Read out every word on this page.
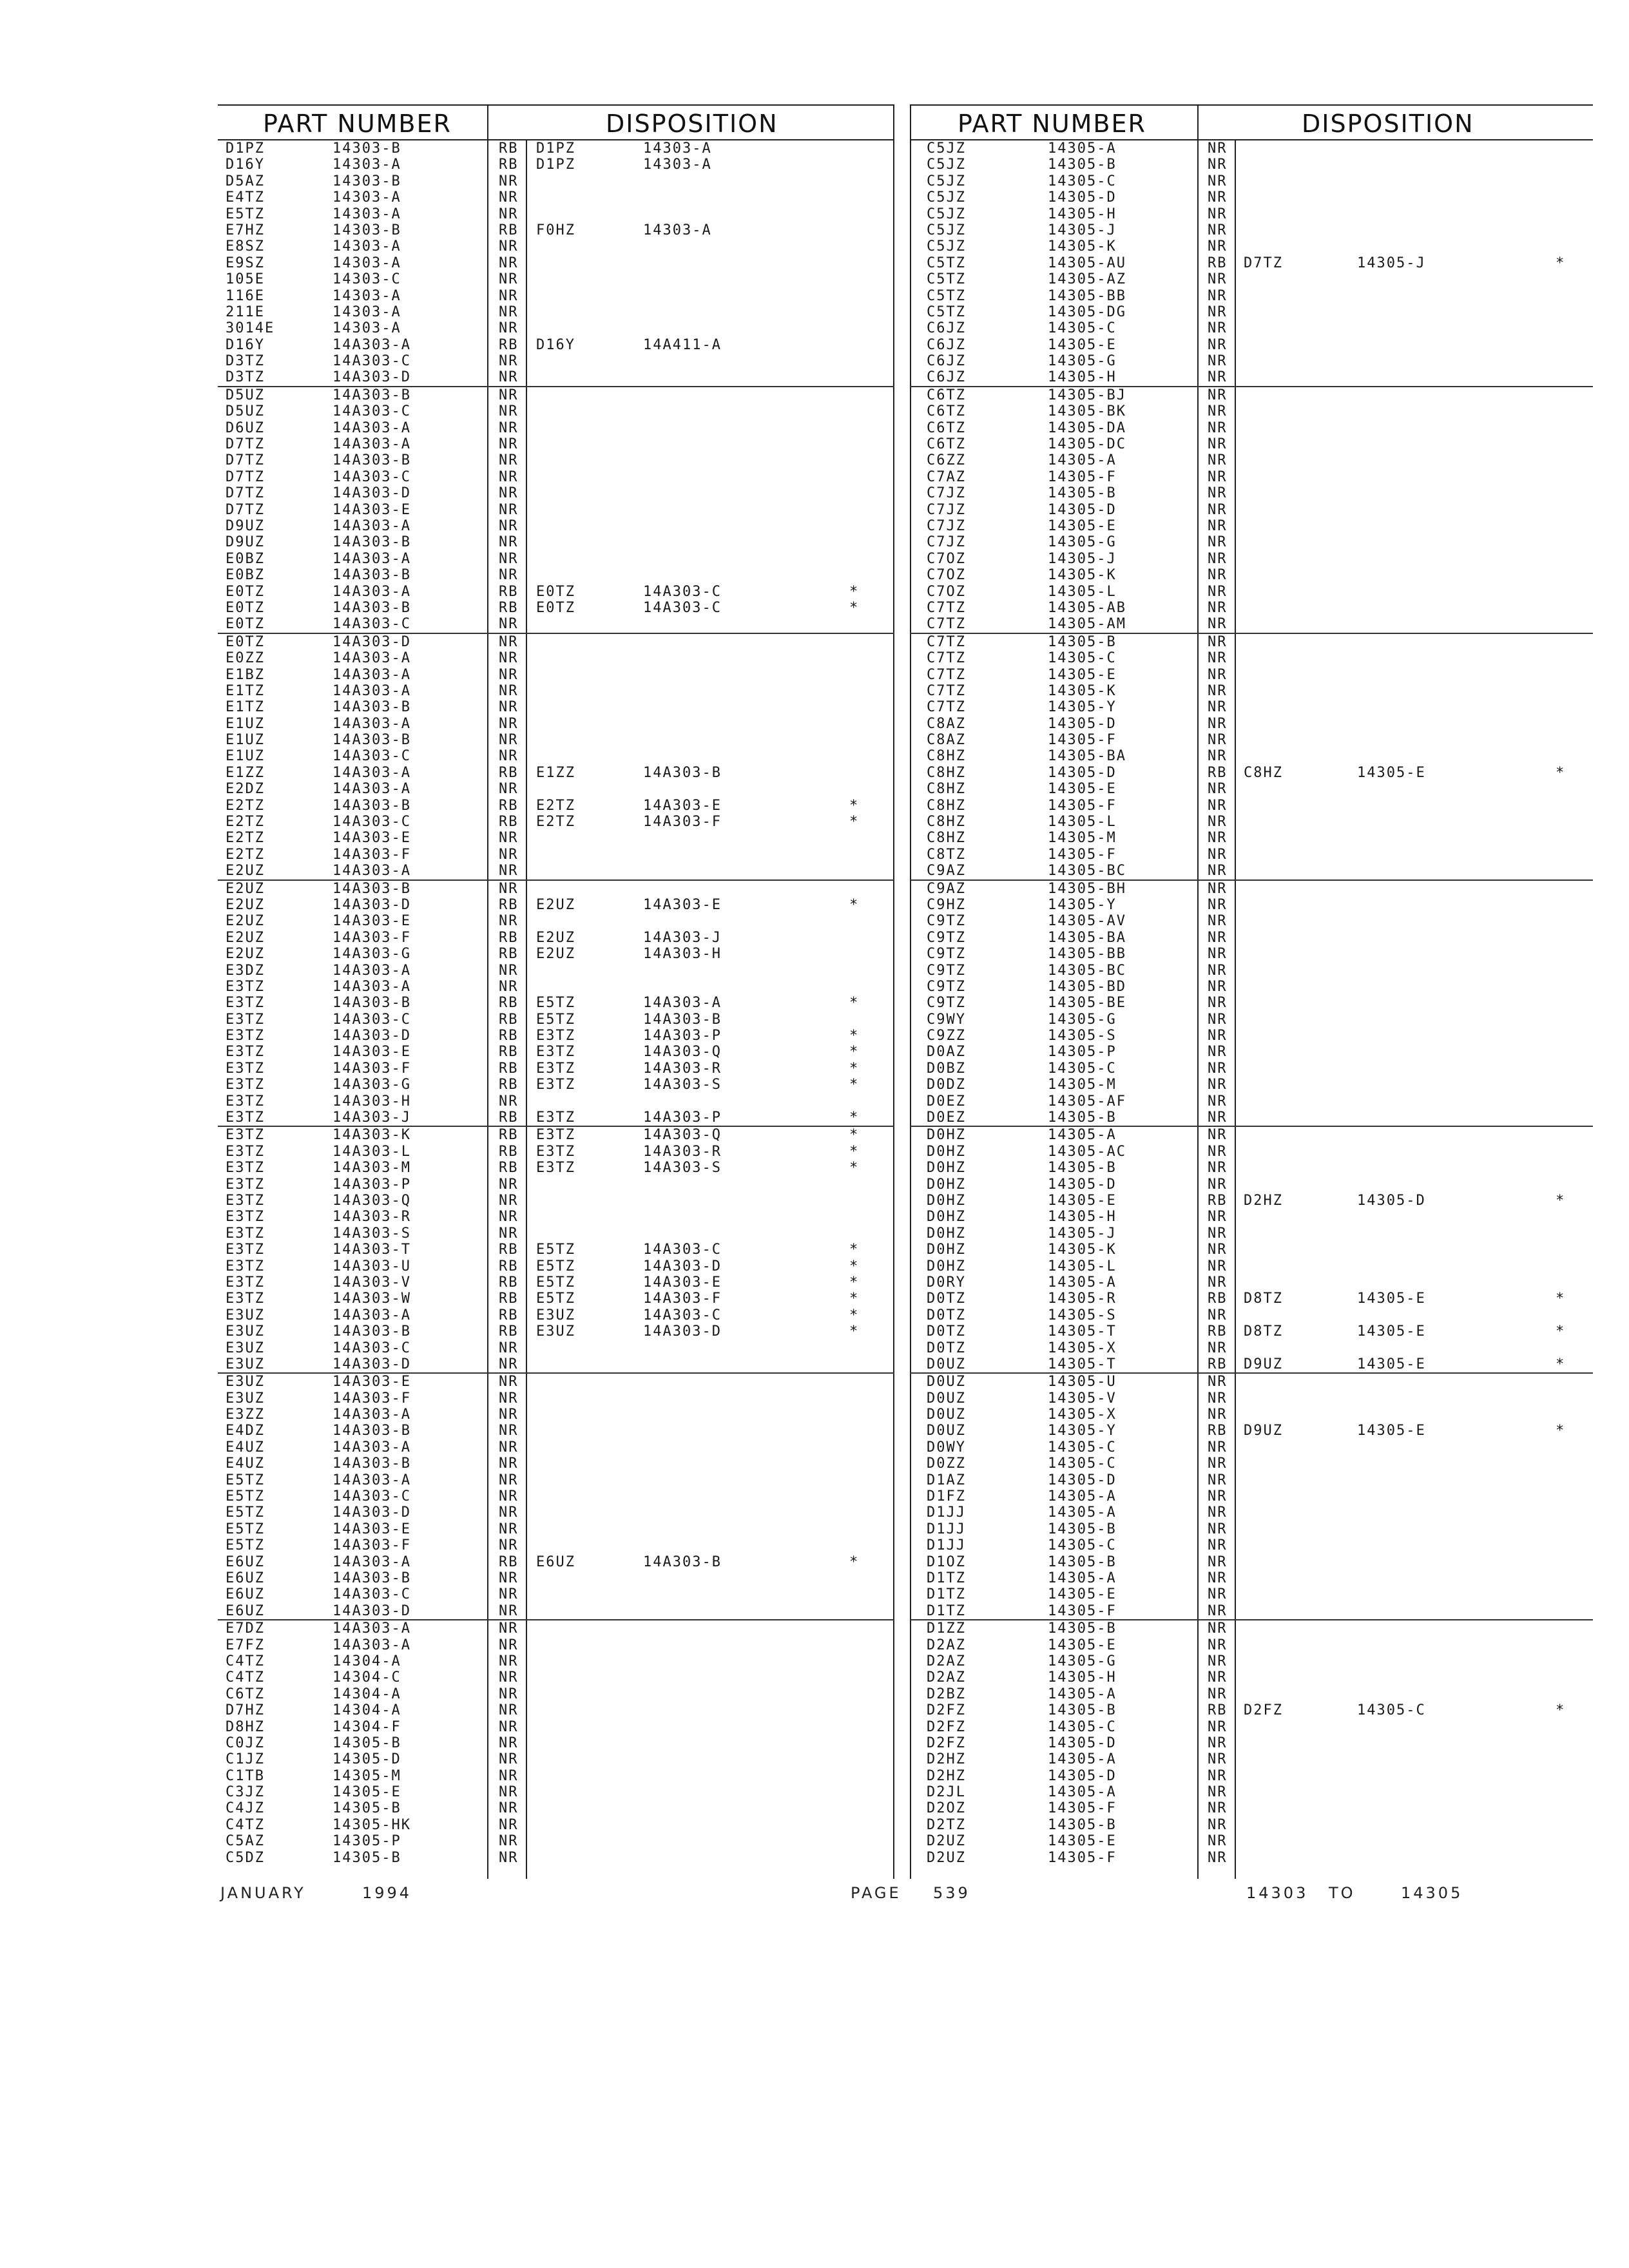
PART NUMBER	DISPOSITION
D1PZ	14303-B	RB D1PZ	14303-A
D16Y	14303-A	RB D1PZ	14303-A
D5AZ	14303-B	NR
E4TZ	14303-A	NR
E5TZ	14303-A	NR
E7HZ	14303-B	RB F0HZ	14303-A
E8SZ	14303-A	NR
E9SZ	14303-A	NR
105E	14303-C	NR
116E	14303-A	NR
211E	14303-A	NR
3014E	14303-A	NR
D16Y	14A303-A	RB D16Y	14A411-A
D3TZ	14A303-C	NR
D3TZ	14A303-D	NR
D5UZ	14A303-B	NR
D5UZ	14A303-C	NR
D6UZ	14A303-A	NR
D7TZ	14A303-A	NR
D7TZ	14A303-B	NR
D7TZ	14A303-C	NR
D7TZ	14A303-D	NR
D7TZ	14A303-E	NR
D9UZ	14A303-A	NR
D9UZ	14A303-B	NR
E0BZ	14A303-A	NR
E0BZ	14A303-B	NR
E0TZ	14A303-A	RB E0TZ	14A303-C	*
E0TZ	14A303-B	RB E0TZ	14A303-C	*
E0TZ	14A303-C	NR
E0TZ	14A303-D	NR
E0ZZ	14A303-A	NR
E1BZ	14A303-A	NR
E1TZ	14A303-A	NR
E1TZ	14A303-B	NR
E1UZ	14A303-A	NR
E1UZ	14A303-B	NR
E1UZ	14A303-C	NR
E1ZZ	14A303-A	RB E1ZZ	14A303-B
E2DZ	14A303-A	NR
E2TZ	14A303-B	RB E2TZ	14A303-E	*
E2TZ	14A303-C	RB E2TZ	14A303-F	*
E2TZ	14A303-E	NR
E2TZ	14A303-F	NR
E2UZ	14A303-A	NR
E2UZ	14A303-B	NR
E2UZ	14A303-D	RB E2UZ	14A303-E	*
E2UZ	14A303-E	NR
E2UZ	14A303-F	RB E2UZ	14A303-J
E2UZ	14A303-G	RB E2UZ	14A303-H
E3DZ	14A303-A	NR
E3TZ	14A303-A	NR
E3TZ	14A303-B	RB E5TZ	14A303-A	*
E3TZ	14A303-C	RB E5TZ	14A303-B
E3TZ	14A303-D	RB E3TZ	14A303-P	*
E3TZ	14A303-E	RB E3TZ	14A303-Q	*
E3TZ	14A303-F	RB E3TZ	14A303-R	*
E3TZ	14A303-G	RB E3TZ	14A303-S	*
E3TZ	14A303-H	NR
E3TZ	14A303-J	RB E3TZ	14A303-P	*
E3TZ	14A303-K	RB E3TZ	14A303-Q	*
E3TZ	14A303-L	RB E3TZ	14A303-R	*
E3TZ	14A303-M	RB E3TZ	14A303-S	*
E3TZ	14A303-P	NR
E3TZ	14A303-Q	NR
E3TZ	14A303-R	NR
E3TZ	14A303-S	NR
E3TZ	14A303-T	RB E5TZ	14A303-C	*
E3TZ	14A303-U	RB E5TZ	14A303-D	*
E3TZ	14A303-V	RB E5TZ	14A303-E	*
E3TZ	14A303-W	RB E5TZ	14A303-F	*
E3UZ	14A303-A	RB E3UZ	14A303-C	*
E3UZ	14A303-B	RB E3UZ	14A303-D	*
E3UZ	14A303-C	NR
E3UZ	14A303-D	NR
E3UZ	14A303-E	NR
E3UZ	14A303-F	NR
E3ZZ	14A303-A	NR
E4DZ	14A303-B	NR
E4UZ	14A303-A	NR
E4UZ	14A303-B	NR
E5TZ	14A303-A	NR
E5TZ	14A303-C	NR
E5TZ	14A303-D	NR
E5TZ	14A303-E	NR
E5TZ	14A303-F	NR
E6UZ	14A303-A	RB E6UZ	14A303-B	*
E6UZ	14A303-B	NR
E6UZ	14A303-C	NR
E6UZ	14A303-D	NR
E7DZ	14A303-A	NR
E7FZ	14A303-A	NR
C4TZ	14304-A	NR
C4TZ	14304-C	NR
C6TZ	14304-A	NR
D7HZ	14304-A	NR
D8HZ	14304-F	NR
C0JZ	14305-B	NR
C1JZ	14305-D	NR
C1TB	14305-M	NR
C3JZ	14305-E	NR
C4JZ	14305-B	NR
C4TZ	14305-HK	NR
C5AZ	14305-P	NR
C5DZ	14305-B	NR
PART NUMBER	DISPOSITION
C5JZ	14305-A	NR
C5JZ	14305-B	NR
C5JZ	14305-C	NR
C5JZ	14305-D	NR
C5JZ	14305-H	NR
C5JZ	14305-J	NR
C5JZ	14305-K	NR
C5TZ	14305-AU	RB D7TZ	14305-J	*
C5TZ	14305-AZ	NR
C5TZ	14305-BB	NR
C5TZ	14305-DG	NR
C6JZ	14305-C	NR
C6JZ	14305-E	NR
C6JZ	14305-G	NR
C6JZ	14305-H	NR
C6TZ	14305-BJ	NR
C6TZ	14305-BK	NR
C6TZ	14305-DA	NR
C6TZ	14305-DC	NR
C6ZZ	14305-A	NR
C7AZ	14305-F	NR
C7JZ	14305-B	NR
C7JZ	14305-D	NR
C7JZ	14305-E	NR
C7JZ	14305-G	NR
C7OZ	14305-J	NR
C7OZ	14305-K	NR
C7OZ	14305-L	NR
C7TZ	14305-AB	NR
C7TZ	14305-AM	NR
C7TZ	14305-B	NR
C7TZ	14305-C	NR
C7TZ	14305-E	NR
C7TZ	14305-K	NR
C7TZ	14305-Y	NR
C8AZ	14305-D	NR
C8AZ	14305-F	NR
C8HZ	14305-BA	NR
C8HZ	14305-D	RB C8HZ	14305-E	*
C8HZ	14305-E	NR
C8HZ	14305-F	NR
C8HZ	14305-L	NR
C8HZ	14305-M	NR
C8TZ	14305-F	NR
C9AZ	14305-BC	NR
C9AZ	14305-BH	NR
C9HZ	14305-Y	NR
C9TZ	14305-AV	NR
C9TZ	14305-BA	NR
C9TZ	14305-BB	NR
C9TZ	14305-BC	NR
C9TZ	14305-BD	NR
C9TZ	14305-BE	NR
C9WY	14305-G	NR
C9ZZ	14305-S	NR
D0AZ	14305-P	NR
D0BZ	14305-C	NR
D0DZ	14305-M	NR
D0EZ	14305-AF	NR
D0EZ	14305-B	NR
D0HZ	14305-A	NR
D0HZ	14305-AC	NR
D0HZ	14305-B	NR
D0HZ	14305-D	NR
D0HZ	14305-E	RB D2HZ	14305-D	*
D0HZ	14305-H	NR
D0HZ	14305-J	NR
D0HZ	14305-K	NR
D0HZ	14305-L	NR
D0RY	14305-A	NR
D0TZ	14305-R	RB D8TZ	14305-E	*
D0TZ	14305-S	NR
D0TZ	14305-T	RB D8TZ	14305-E	*
D0TZ	14305-X	NR
D0UZ	14305-T	RB D9UZ	14305-E	*
D0UZ	14305-U	NR
D0UZ	14305-V	NR
D0UZ	14305-X	NR
D0UZ	14305-Y	RB D9UZ	14305-E	*
D0WY	14305-C	NR
D0ZZ	14305-C	NR
D1AZ	14305-D	NR
D1FZ	14305-A	NR
D1JJ	14305-A	NR
D1JJ	14305-B	NR
D1JJ	14305-C	NR
D1OZ	14305-B	NR
D1TZ	14305-A	NR
D1TZ	14305-E	NR
D1TZ	14305-F	NR
D1ZZ	14305-B	NR
D2AZ	14305-E	NR
D2AZ	14305-G	NR
D2AZ	14305-H	NR
D2BZ	14305-A	NR
D2FZ	14305-B	RB D2FZ	14305-C	*
D2FZ	14305-C	NR
D2FZ	14305-D	NR
D2HZ	14305-A	NR
D2HZ	14305-D	NR
D2JL	14305-A	NR
D2OZ	14305-F	NR
D2TZ	14305-B	NR
D2UZ	14305-E	NR
D2UZ	14305-F	NR
JANUARY	1994	PAGE 539	14303 TO	14305
